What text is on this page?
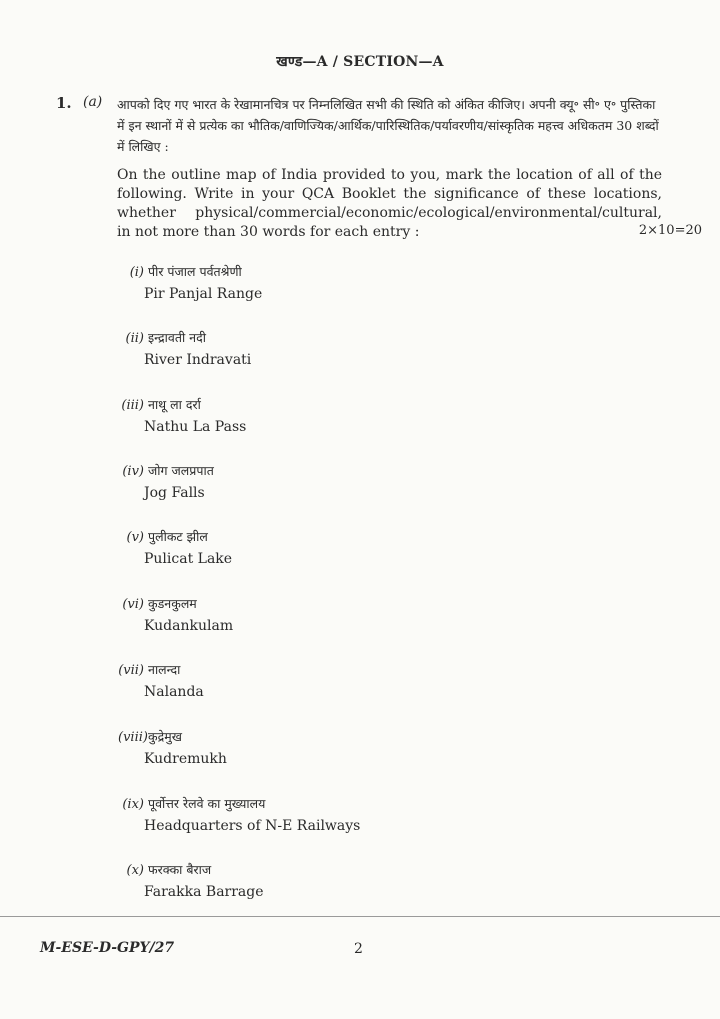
खण्ड—A / SECTION—A
1. (a) आपको दिए गए भारत के रेखामानचित्र पर निम्नलिखित सभी की स्थिति को अंकित कीजिए। अपनी क्यू॰ सी॰ ए॰ पुस्तिका में इन स्थानों में से प्रत्येक का भौतिक/वाणिज्यिक/आर्थिक/पारिस्थितिक/पर्यावरणीय/सांस्कृतिक महत्त्व अधिकतम 30 शब्दों में लिखिए :

On the outline map of India provided to you, mark the location of all of the following. Write in your QCA Booklet the significance of these locations, whether physical/commercial/economic/ecological/environmental/cultural, in not more than 30 words for each entry :	2×10=20
(i) पीर पंजाल पर्वतश्रेणी
Pir Panjal Range
(ii) इन्द्रावती नदी
River Indravati
(iii) नाथू ला दर्रा
Nathu La Pass
(iv) जोग जलप्रपात
Jog Falls
(v) पुलीकट झील
Pulicat Lake
(vi) कुडनकुलम
Kudankulam
(vii) नालन्दा
Nalanda
(viii) कुद्रेमुख
Kudremukh
(ix) पूर्वोत्तर रेलवे का मुख्यालय
Headquarters of N-E Railways
(x) फरक्का बैराज
Farakka Barrage
M-ESE-D-GPY/27	2
